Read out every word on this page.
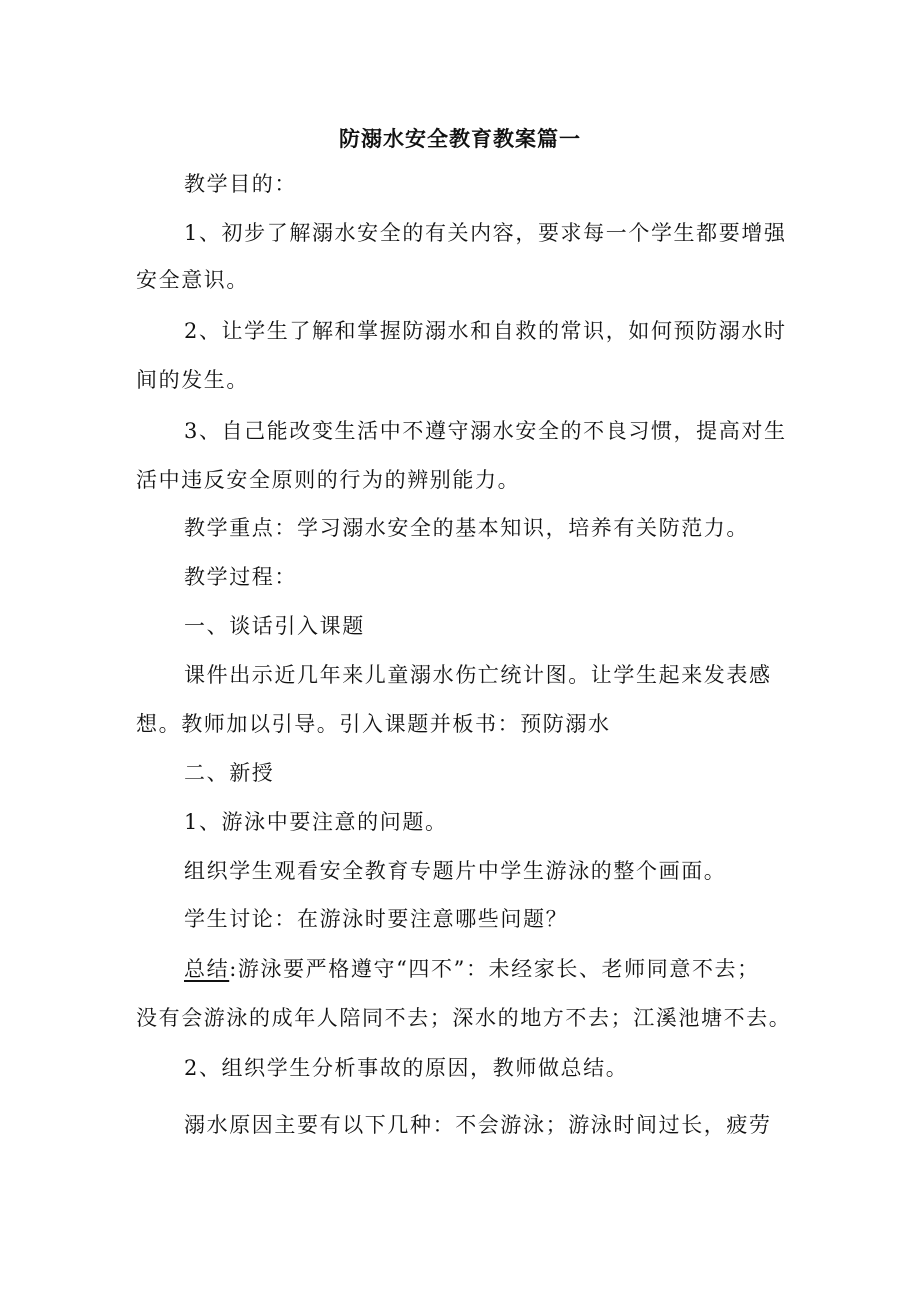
防溺水安全教育教案篇一
教学目的：
1、初步了解溺水安全的有关内容，要求每一个学生都要增强
安全意识。
2、让学生了解和掌握防溺水和自救的常识，如何预防溺水时
间的发生。
3、自己能改变生活中不遵守溺水安全的不良习惯，提高对生
活中违反安全原则的行为的辨别能力。
教学重点：学习溺水安全的基本知识，培养有关防范力。
教学过程：
一、谈话引入课题
课件出示近几年来儿童溺水伤亡统计图。让学生起来发表感
想。教师加以引导。引入课题并板书：预防溺水
二、新授
1、游泳中要注意的问题。
组织学生观看安全教育专题片中学生游泳的整个画面。
学生讨论：在游泳时要注意哪些问题？
总结:游泳要严格遵守“四不”：未经家长、老师同意不去；
没有会游泳的成年人陪同不去；深水的地方不去；江溪池塘不去。
2、组织学生分析事故的原因，教师做总结。
溺水原因主要有以下几种：不会游泳；游泳时间过长，疲劳
